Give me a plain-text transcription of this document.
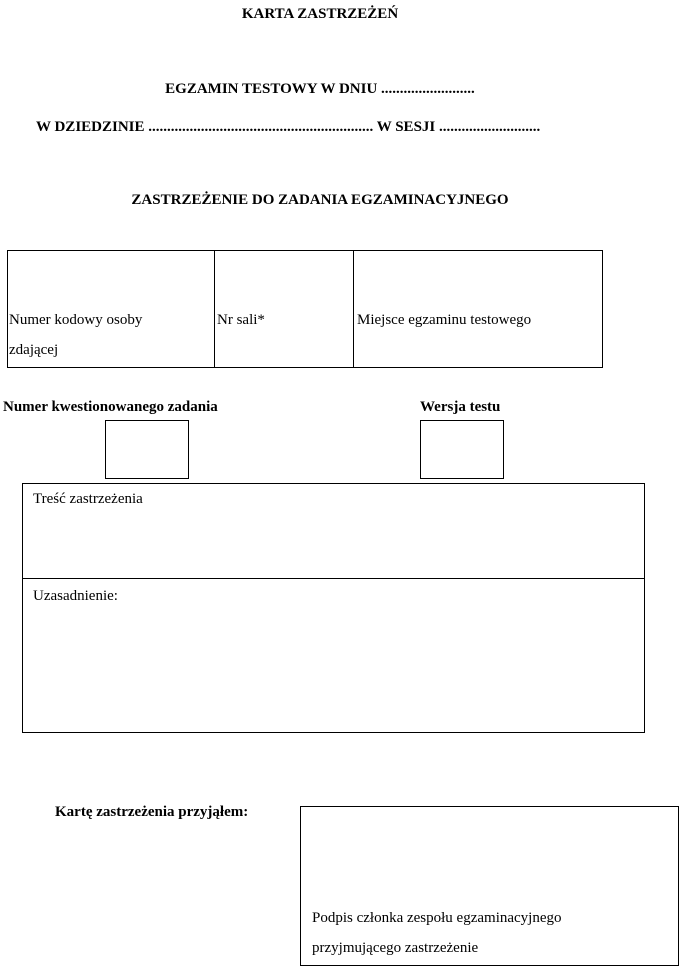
KARTA ZASTRZEŻEŃ
EGZAMIN TESTOWY W DNIU .........................
W DZIEDZINIE ............................................................ W SESJI ...........................
ZASTRZEŻENIE DO ZADANIA EGZAMINACYJNEGO
Numer kodowy osoby
zdającej
Nr sali*	Miejsce egzaminu testowego
Numer kwestionowanego zadania	Wersja testu
Treść zastrzeżenia
Uzasadnienie:
Kartę zastrzeżenia przyjąłem:
Podpis członka zespołu egzaminacyjnego
przyjmującego zastrzeżenie
